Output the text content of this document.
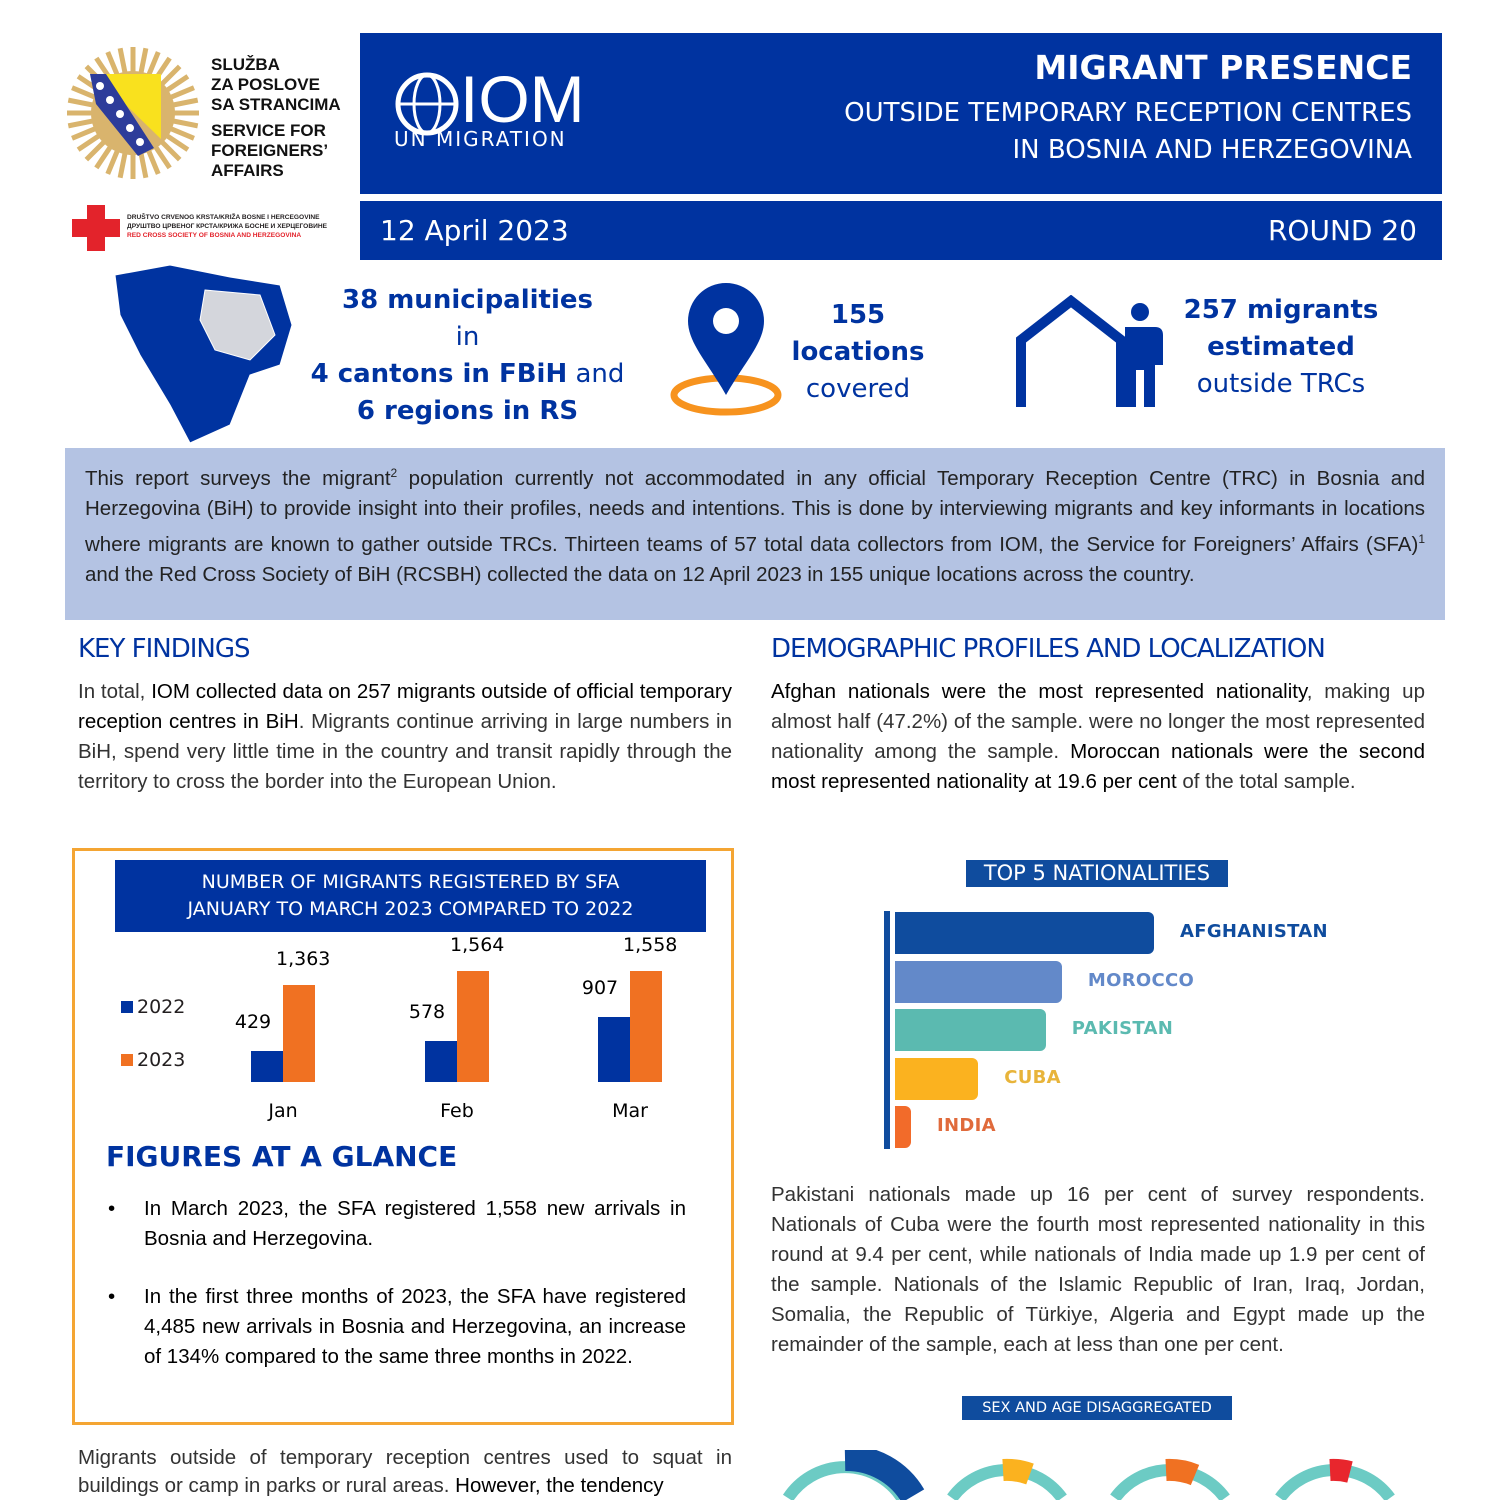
SLUŽBA
ZA POSLOVE
SA STRANCIMA
SERVICE FOR
FOREIGNERS’
AFFAIRS
DRUŠTVO CRVENOG KRSTA/KRIŽA BOSNE I HERCEGOVINE
ДРУШТВО ЦРВЕНОГ КРСТА/КРИЖА БОСНЕ И ХЕРЦЕГОВИНЕ
RED CROSS SOCIETY OF BOSNIA AND HERZEGOVINA
IOM
UN MIGRATION
MIGRANT PRESENCE
OUTSIDE TEMPORARY RECEPTION CENTRES
IN BOSNIA AND HERZEGOVINA
12 April 2023	ROUND 20
38 municipalities
in
4 cantons in FBiH and
6 regions in RS
155
locations
covered
257 migrants
estimated
outside TRCs

This report surveys the migrant$^2$ population currently not accommodated in any official Temporary Reception Centre (TRC) in Bosnia and Herzegovina (BiH) to provide insight into their profiles, needs and intentions. This is done by interviewing migrants and key informants in locations where migrants are known to gather outside TRCs. Thirteen teams of 57 total data collectors from IOM, the Service for Foreigners’ Affairs (SFA)$^1$ and the Red Cross Society of BiH (RCSBH) collected the data on 12 April 2023 in 155 unique locations across the country.

KEY FINDINGS

In total, IOM collected data on 257 migrants outside of official temporary reception centres in BiH. Migrants continue arriving in large numbers in BiH, spend very little time in the country and transit rapidly through the territory to cross the border into the European Union.

NUMBER OF MIGRANTS REGISTERED BY SFA
JANUARY TO MARCH 2023 COMPARED TO 2022
2022
2023
429
1,363
Jan
578
1,564
Feb
907
1,558
Mar
FIGURES AT A GLANCE
• In March 2023, the SFA registered 1,558 new arrivals in Bosnia and Herzegovina.
• In the first three months of 2023, the SFA have registered 4,485 new arrivals in Bosnia and Herzegovina, an increase of 134% compared to the same three months in 2022.

Migrants outside of temporary reception centres used to squat in buildings or camp in parks or rural areas. However, the tendency

DEMOGRAPHIC PROFILES AND LOCALIZATION

Afghan nationals were the most represented nationality, making up almost half (47.2%) of the sample. were no longer the most represented nationality among the sample. Moroccan nationals were the second most represented nationality at 19.6 per cent of the total sample.

TOP 5 NATIONALITIES
AFGHANISTAN
MOROCCO
PAKISTAN
CUBA
INDIA

Pakistani nationals made up 16 per cent of survey respondents. Nationals of Cuba were the fourth most represented nationality in this round at 9.4 per cent, while nationals of India made up 1.9 per cent of the sample. Nationals of the Islamic Republic of Iran, Iraq, Jordan, Somalia, the Republic of Türkiye, Algeria and Egypt made up the remainder of the sample, each at less than one per cent.

SEX AND AGE DISAGGREGATED DATA
